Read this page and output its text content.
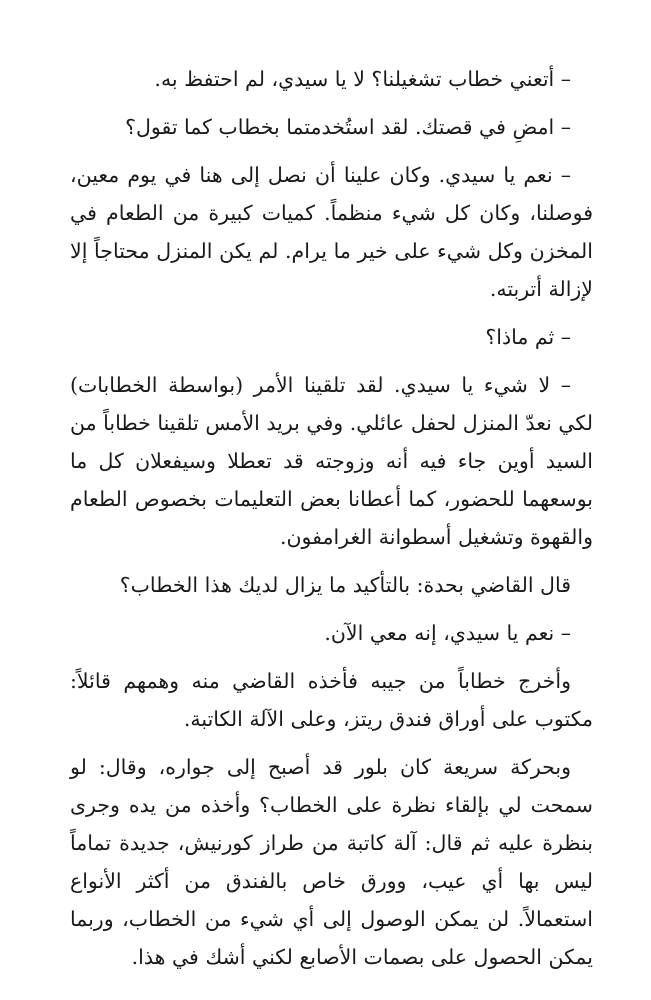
– أتعني خطاب تشغيلنا؟ لا يا سيدي، لم احتفظ به.

– امضِ في قصتك. لقد استُخدمتما بخطاب كما تقول؟

– نعم يا سيدي. وكان علينا أن نصل إلى هنا في يوم معين، فوصلنا، وكان كل شيء منظماً. كميات كبيرة من الطعام في المخزن وكل شيء على خير ما يرام. لم يكن المنزل محتاجاً إلا لإزالة أتربته.

– ثم ماذا؟

– لا شيء يا سيدي. لقد تلقينا الأمر (بواسطة الخطابات) لكي نعدّ المنزل لحفل عائلي. وفي بريد الأمس تلقينا خطاباً من السيد أوين جاء فيه أنه وزوجته قد تعطلا وسيفعلان كل ما بوسعهما للحضور، كما أعطانا بعض التعليمات بخصوص الطعام والقهوة وتشغيل أسطوانة الغرامفون.

قال القاضي بحدة: بالتأكيد ما يزال لديك هذا الخطاب؟

– نعم يا سيدي، إنه معي الآن.

وأخرج خطاباً من جيبه فأخذه القاضي منه وهمهم قائلاً: مكتوب على أوراق فندق ريتز، وعلى الآلة الكاتبة.

وبحركة سريعة كان بلور قد أصبح إلى جواره، وقال: لو سمحت لي بإلقاء نظرة على الخطاب؟ وأخذه من يده وجرى بنظرة عليه ثم قال: آلة كاتبة من طراز كورنيش، جديدة تماماً ليس بها أي عيب، وورق خاص بالفندق من أكثر الأنواع استعمالاً. لن يمكن الوصول إلى أي شيء من الخطاب، وربما يمكن الحصول على بصمات الأصابع لكني أشك في هذا.
